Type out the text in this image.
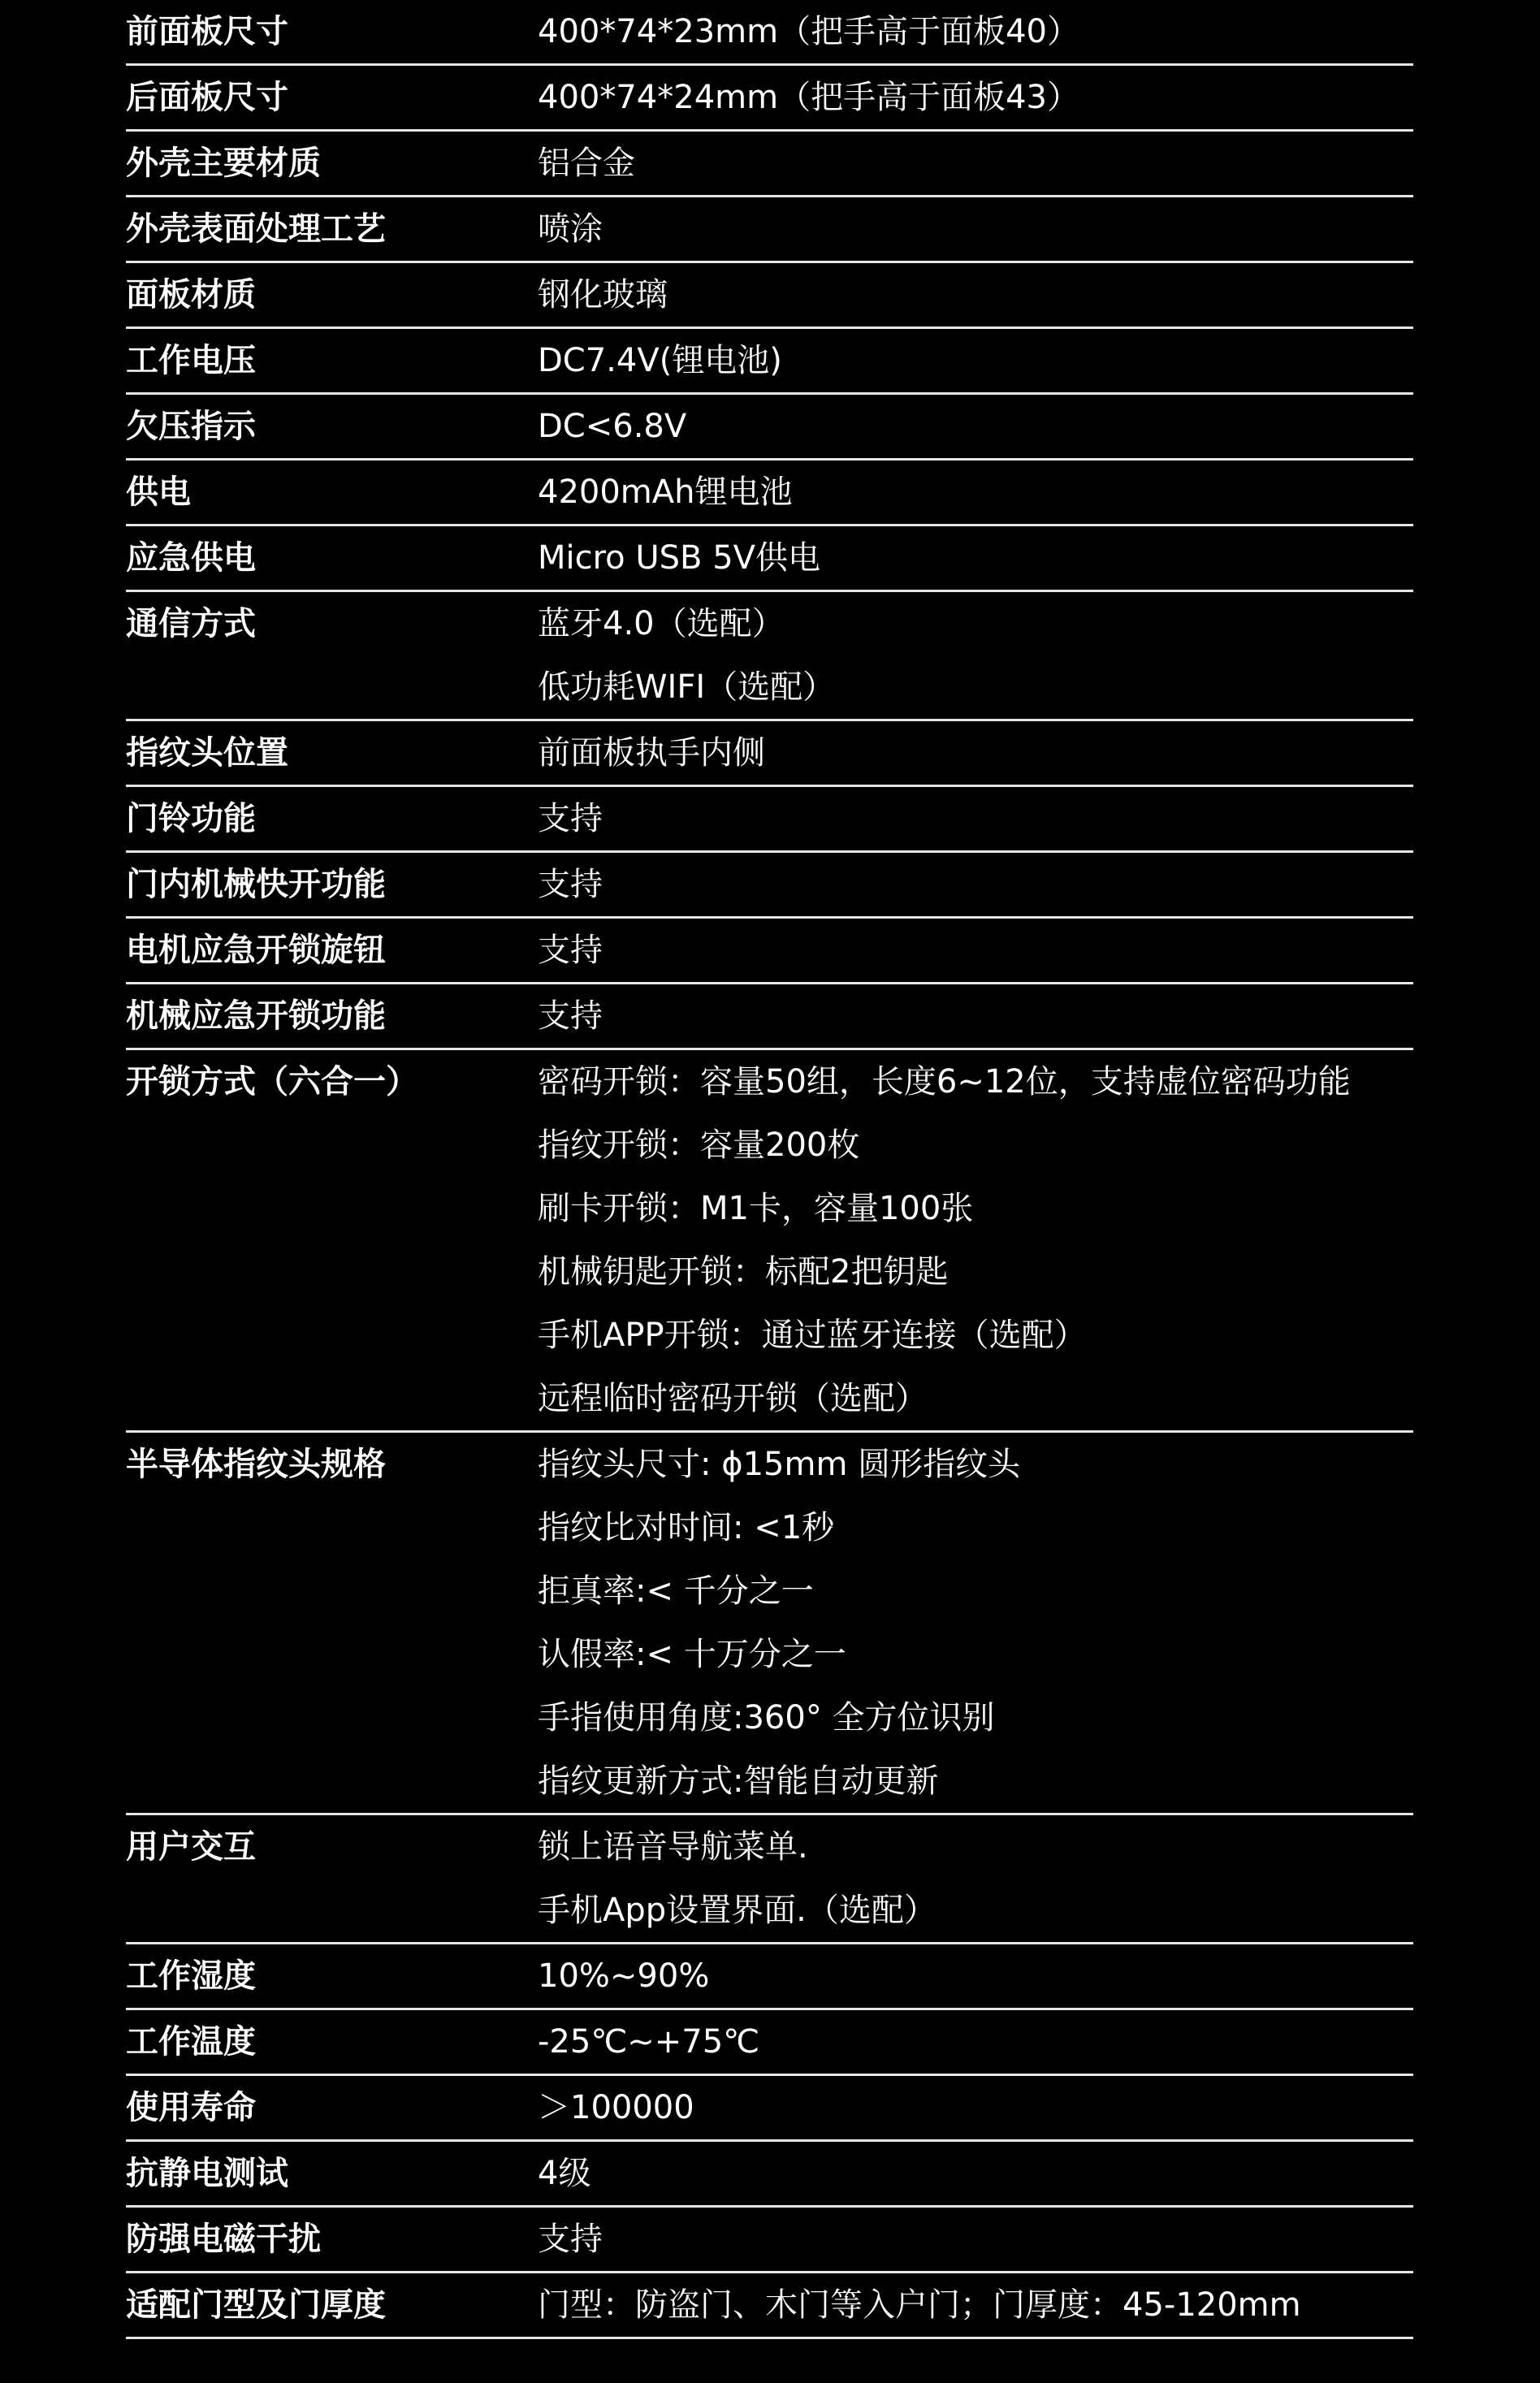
前面板尺寸	400*74*23mm（把手高于面板40）
后面板尺寸	400*74*24mm（把手高于面板43）
外壳主要材质	铝合金
外壳表面处理工艺	喷涂
面板材质	钢化玻璃
工作电压	DC7.4V(锂电池)
欠压指示	DC<6.8V
供电	4200mAh锂电池
应急供电	Micro USB 5V供电
通信方式	蓝牙4.0（选配）
低功耗WIFI（选配）
指纹头位置	前面板执手内侧
门铃功能	支持
门内机械快开功能	支持
电机应急开锁旋钮	支持
机械应急开锁功能	支持
开锁方式（六合一）	密码开锁：容量50组，长度6~12位，支持虚位密码功能
指纹开锁：容量200枚
刷卡开锁：M1卡，容量100张
机械钥匙开锁：标配2把钥匙
手机APP开锁：通过蓝牙连接（选配）
远程临时密码开锁（选配）
半导体指纹头规格	指纹头尺寸: ϕ15mm 圆形指纹头
指纹比对时间: <1秒
拒真率:< 千分之一
认假率:< 十万分之一
手指使用角度:360° 全方位识别
指纹更新方式:智能自动更新
用户交互	锁上语音导航菜单.
手机App设置界面.（选配）
工作湿度	10%~90%
工作温度	-25℃~+75℃
使用寿命	＞100000
抗静电测试	4级
防强电磁干扰	支持
适配门型及门厚度	门型：防盗门、木门等入户门；门厚度：45-120mm
